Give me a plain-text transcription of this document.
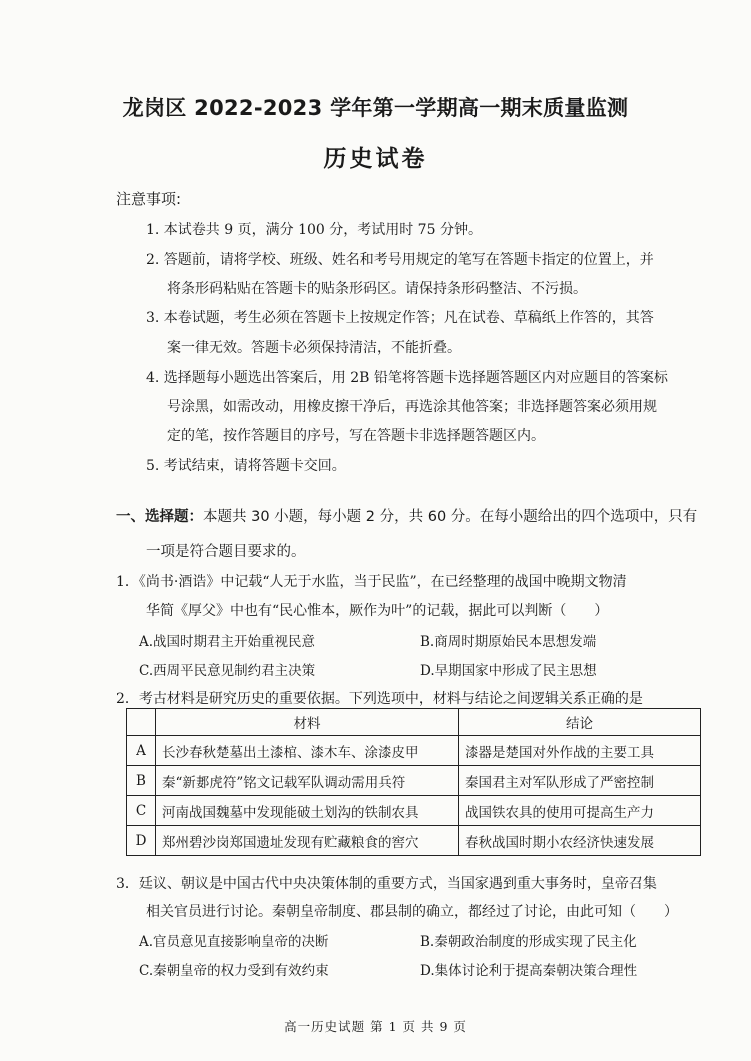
龙岗区 2022-2023 学年第一学期高一期末质量监测
历史试卷
注意事项:
1. 本试卷共 9 页，满分 100 分，考试用时 75 分钟。
2. 答题前，请将学校、班级、姓名和考号用规定的笔写在答题卡指定的位置上，并
将条形码粘贴在答题卡的贴条形码区。请保持条形码整洁、不污损。
3. 本卷试题，考生必须在答题卡上按规定作答；凡在试卷、草稿纸上作答的，其答
案一律无效。答题卡必须保持清洁，不能折叠。
4. 选择题每小题选出答案后，用 2B 铅笔将答题卡选择题答题区内对应题目的答案标
号涂黑，如需改动，用橡皮擦干净后，再选涂其他答案；非选择题答案必须用规
定的笔，按作答题目的序号，写在答题卡非选择题答题区内。
5. 考试结束，请将答题卡交回。
一、选择题：本题共 30 小题，每小题 2 分，共 60 分。在每小题给出的四个选项中，只有
一项是符合题目要求的。
1．《尚书·酒诰》中记载“人无于水监，当于民监”，在已经整理的战国中晚期文物清
华简《厚父》中也有“民心惟本，厥作为叶”的记载，据此可以判断（　　）
A.战国时期君主开始重视民意	B.商周时期原始民本思想发端
C.西周平民意见制约君主决策	D.早期国家中形成了民主思想
2．考古材料是研究历史的重要依据。下列选项中，材料与结论之间逻辑关系正确的是
	材料	结论
A	长沙春秋楚墓出土漆棺、漆木车、涂漆皮甲	漆器是楚国对外作战的主要工具
B	秦“新郪虎符”铭文记载军队调动需用兵符	秦国君主对军队形成了严密控制
C	河南战国魏墓中发现能破土划沟的铁制农具	战国铁农具的使用可提高生产力
D	郑州碧沙岗郑国遗址发现有贮藏粮食的窖穴	春秋战国时期小农经济快速发展
3．廷议、朝议是中国古代中央决策体制的重要方式，当国家遇到重大事务时，皇帝召集
相关官员进行讨论。秦朝皇帝制度、郡县制的确立，都经过了讨论，由此可知（　　）
A.官员意见直接影响皇帝的决断	B.秦朝政治制度的形成实现了民主化
C.秦朝皇帝的权力受到有效约束	D.集体讨论利于提高秦朝决策合理性
高一历史试题 第 1 页 共 9 页
